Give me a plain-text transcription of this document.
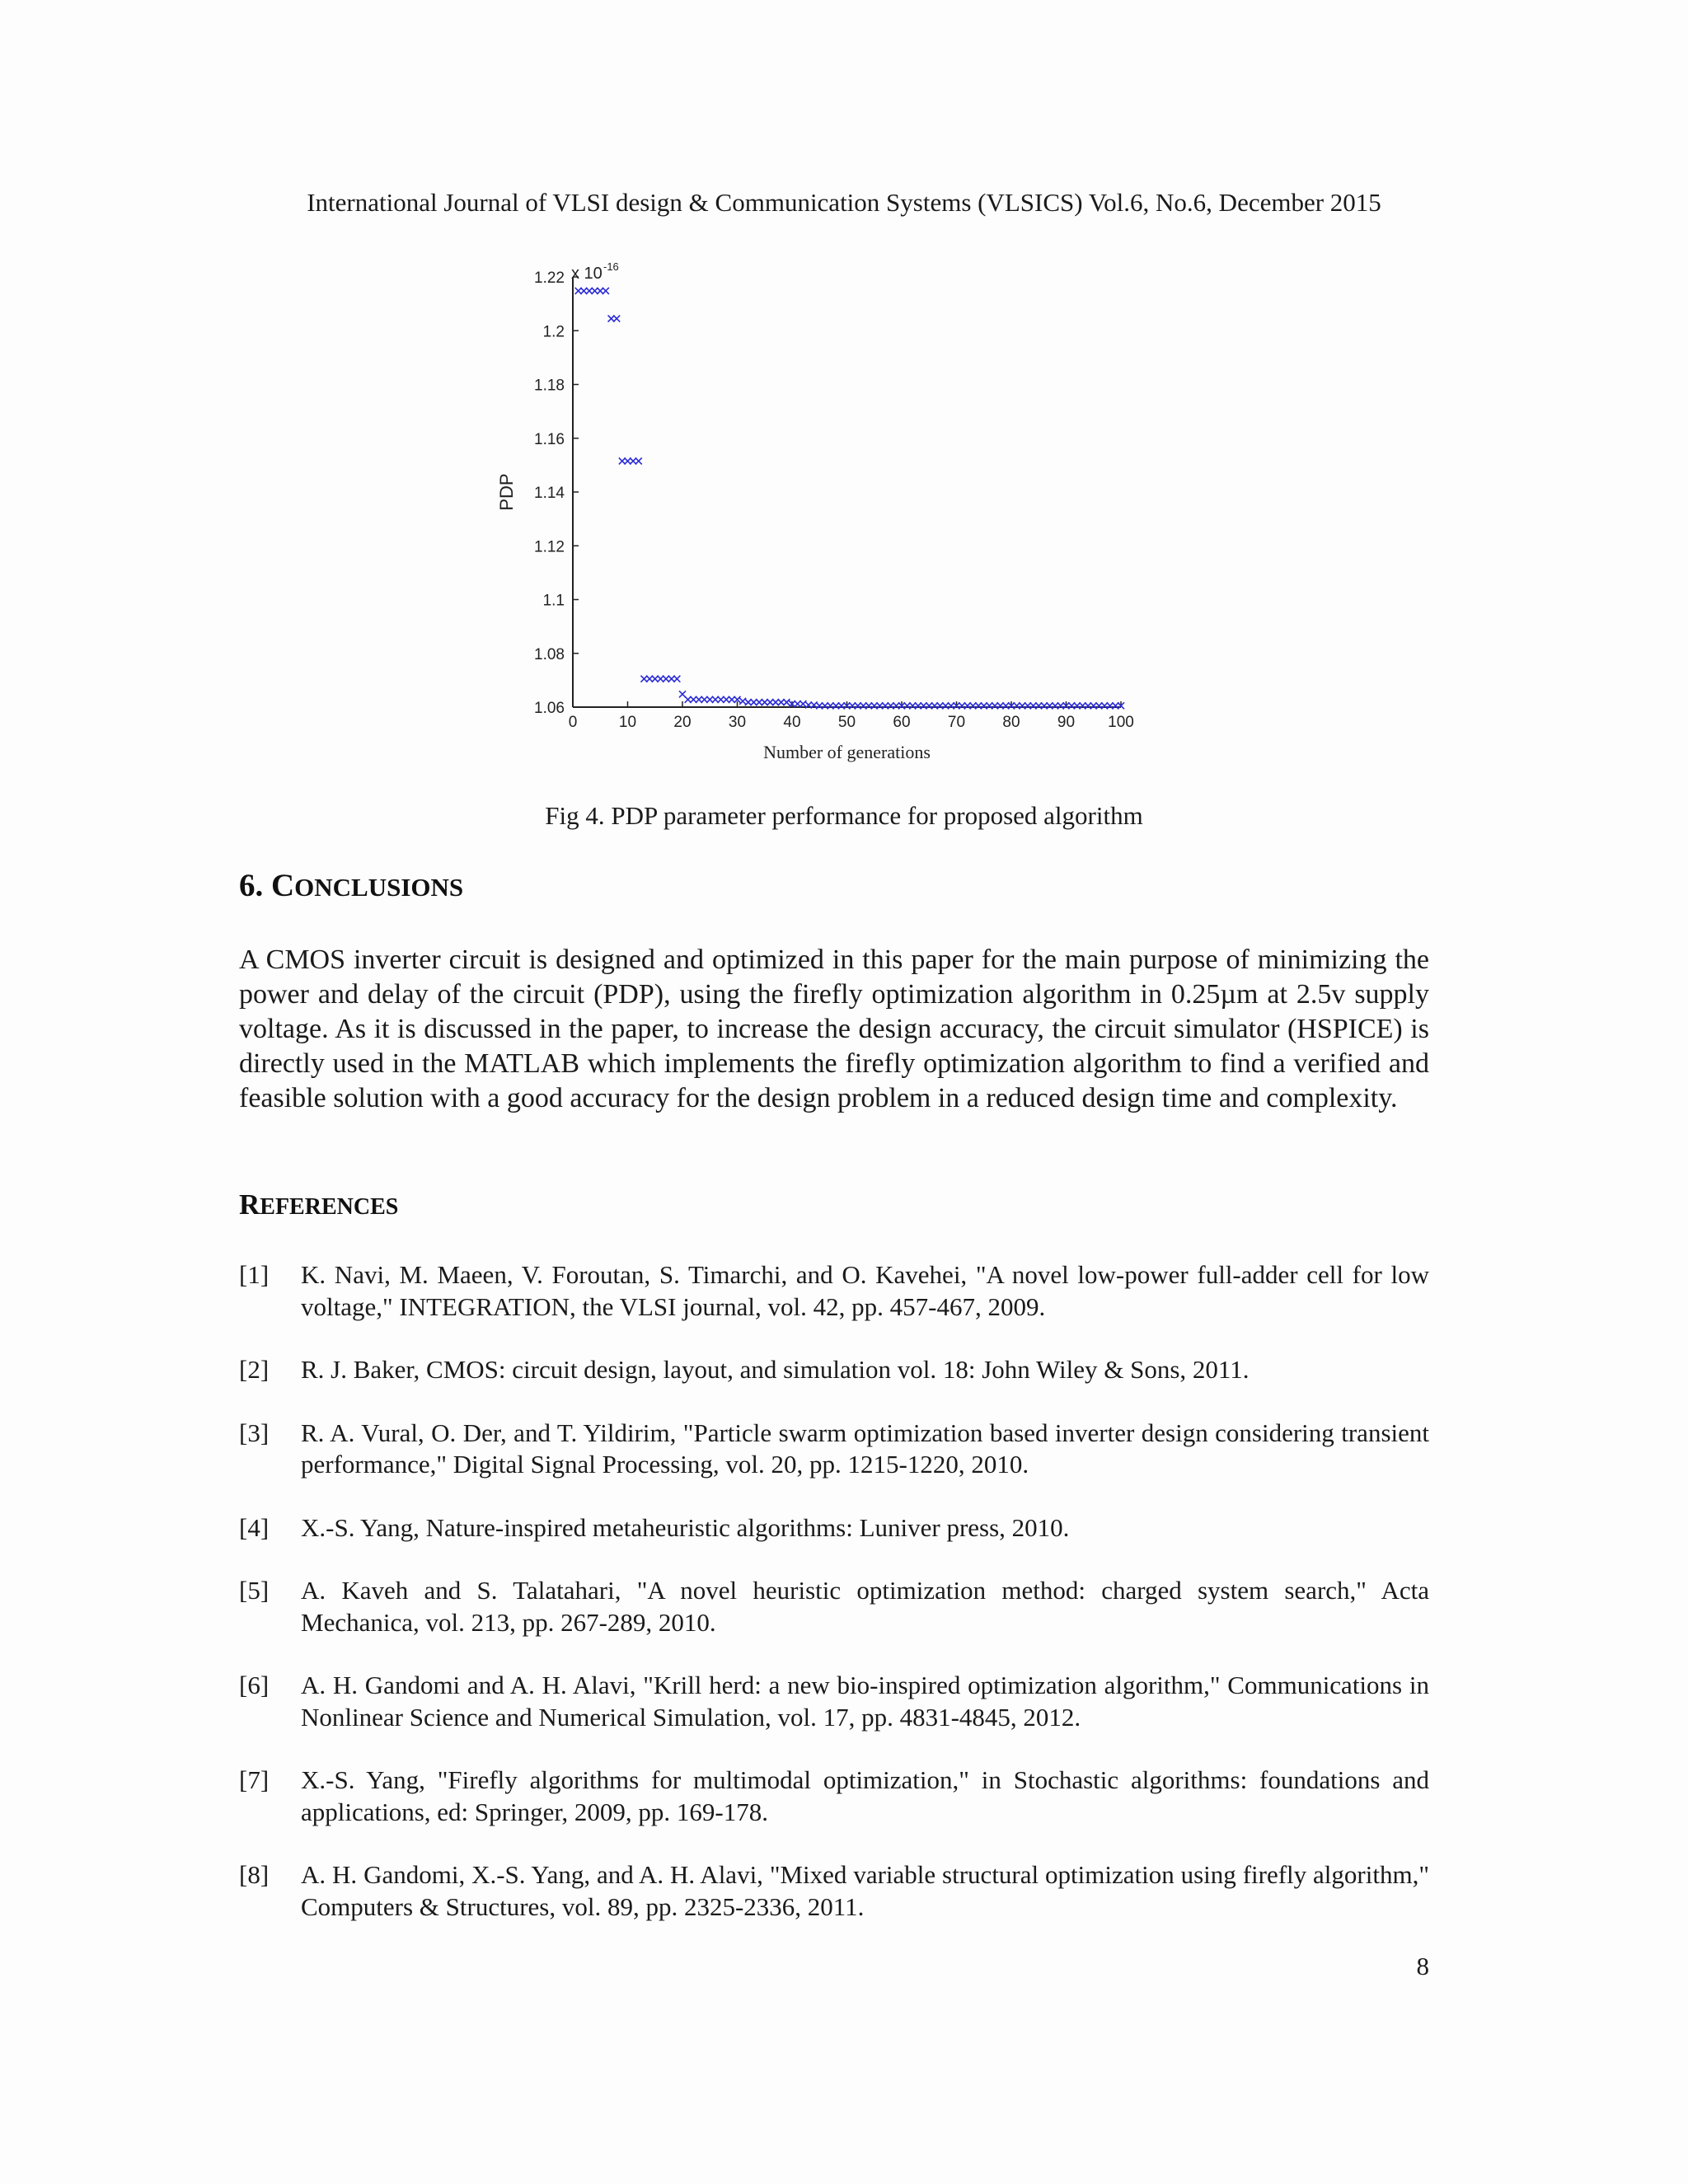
International Journal of VLSI design & Communication Systems (VLSICS) Vol.6, No.6, December 2015
1.06
1.08
1.1
1.12
1.14
1.16
1.18
1.2
1.22
0	10 20 30 40 50 60 70 80 90 100
x 10 -16
PDP
Number of generations
Fig 4. PDP parameter performance for proposed algorithm
6. CONCLUSIONS
A CMOS inverter circuit is designed and optimized in this paper for the main purpose of minimizing the power and delay of the circuit (PDP), using the firefly optimization algorithm in 0.25µm at 2.5v supply voltage. As it is discussed in the paper, to increase the design accuracy, the circuit simulator (HSPICE) is directly used in the MATLAB which implements the firefly optimization algorithm to find a verified and feasible solution with a good accuracy for the design problem in a reduced design time and complexity.
REFERENCES
[1] K. Navi, M. Maeen, V. Foroutan, S. Timarchi, and O. Kavehei, "A novel low-power full-adder cell for low voltage," INTEGRATION, the VLSI journal, vol. 42, pp. 457-467, 2009.
[2] R. J. Baker, CMOS: circuit design, layout, and simulation vol. 18: John Wiley & Sons, 2011.
[3] R. A. Vural, O. Der, and T. Yildirim, "Particle swarm optimization based inverter design considering transient performance," Digital Signal Processing, vol. 20, pp. 1215-1220, 2010.
[4] X.-S. Yang, Nature-inspired metaheuristic algorithms: Luniver press, 2010.
[5] A. Kaveh and S. Talatahari, "A novel heuristic optimization method: charged system search," Acta Mechanica, vol. 213, pp. 267-289, 2010.
[6] A. H. Gandomi and A. H. Alavi, "Krill herd: a new bio-inspired optimization algorithm," Communications in Nonlinear Science and Numerical Simulation, vol. 17, pp. 4831-4845, 2012.
[7] X.-S. Yang, "Firefly algorithms for multimodal optimization," in Stochastic algorithms: foundations and applications, ed: Springer, 2009, pp. 169-178.
[8] A. H. Gandomi, X.-S. Yang, and A. H. Alavi, "Mixed variable structural optimization using firefly algorithm," Computers & Structures, vol. 89, pp. 2325-2336, 2011.
8
